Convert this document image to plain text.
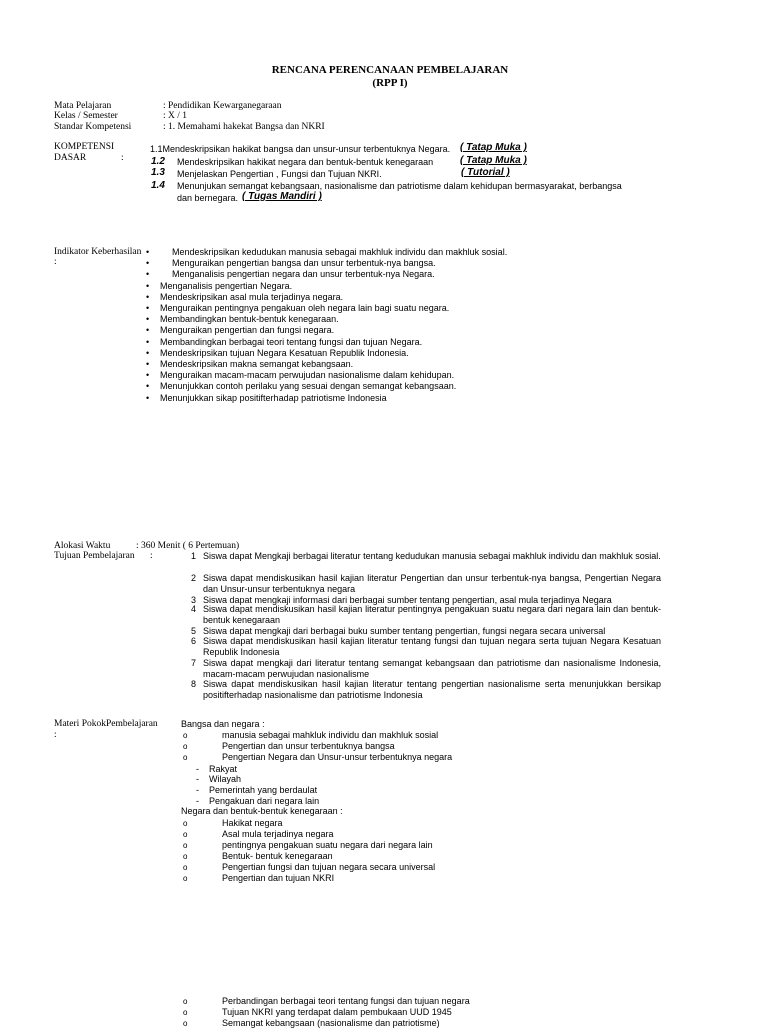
RENCANA PERENCANAAN PEMBELAJARAN
(RPP I)
Mata Pelajaran	: Pendidikan Kewarganegaraan
Kelas / Semester	: X / 1
Standar Kompetensi	: 1. Memahami hakekat Bangsa dan NKRI
KOMPETENSI
DASAR	:
1.1Mendeskripsikan hakikat bangsa dan unsur-unsur terbentuknya Negara. ( Tatap Muka )
1.2 Mendeskripsikan hakikat negara dan bentuk-bentuk kenegaraan	( Tatap Muka )
1.3 Menjelaskan Pengertian , Fungsi dan Tujuan NKRI.	( Tutorial )
1.4 Menunjukan semangat kebangsaan, nasionalisme dan patriotisme dalam kehidupan bermasyarakat, berbangsa
dan bernegara. ( Tugas Mandiri )
Indikator Keberhasilan
:
• Mendeskripsikan kedudukan manusia sebagai makhluk individu dan makhluk sosial.
• Menguraikan pengertian bangsa dan unsur terbentuk-nya bangsa.
• Menganalisis pengertian negara dan unsur terbentuk-nya Negara.
• Menganalisis pengertian Negara.
• Mendeskripsikan asal mula terjadinya negara.
• Menguraikan pentingnya pengakuan oleh negara lain bagi suatu negara.
• Membandingkan bentuk-bentuk kenegaraan.
• Menguraikan pengertian dan fungsi negara.
• Membandingkan berbagai teori tentang fungsi dan tujuan Negara.
• Mendeskripsikan tujuan Negara Kesatuan Republik Indonesia.
• Mendeskripsikan makna semangat kebangsaan.
• Menguraikan macam-macam perwujudan nasionalisme dalam kehidupan.
• Menunjukkan contoh perilaku yang sesuai dengan semangat kebangsaan.
• Menunjukkan sikap positifterhadap patriotisme Indonesia
Alokasi Waktu	: 360 Menit ( 6 Pertemuan)
Tujuan Pembelajaran :	1 Siswa dapat Mengkaji berbagai literatur tentang kedudukan manusia sebagai makhluk individu dan makhluk sosial.
2 Siswa dapat mendiskusikan hasil kajian literatur Pengertian dan unsur terbentuk-nya bangsa, Pengertian Negara dan Unsur-unsur terbentuknya negara
3 Siswa dapat mengkaji informasi dari berbagai sumber tentang pengertian, asal mula terjadinya Negara
4 Siswa dapat mendiskusikan hasil kajian literatur pentingnya pengakuan suatu negara dari negara lain dan bentuk-bentuk kenegaraan
5 Siswa dapat mengkaji dari berbagai buku sumber tentang pengertian, fungsi negara secara universal
6 Siswa dapat mendiskusikan hasil kajian literatur tentang fungsi dan tujuan negara serta tujuan Negara Kesatuan Republik Indonesia
7 Siswa dapat mengkaji dari literatur tentang semangat kebangsaan dan patriotisme dan nasionalisme Indonesia, macam-macam perwujudan nasionalisme
8 Siswa dapat mendiskusikan hasil kajian literatur tentang pengertian nasionalisme serta menunjukkan bersikap positifterhadap nasionalisme dan patriotisme Indonesia
Materi PokokPembelajaran
:
Bangsa dan negara :
o	manusia sebagai mahkluk individu dan makhluk sosial
o	Pengertian dan unsur terbentuknya bangsa
o	Pengertian Negara dan Unsur-unsur terbentuknya negara
- Rakyat
- Wilayah
- Pemerintah yang berdaulat
- Pengakuan dari negara lain
Negara dan bentuk-bentuk kenegaraan :
o	Hakikat negara
o	Asal mula terjadinya negara
o	pentingnya pengakuan suatu negara dari negara lain
o	Bentuk- bentuk kenegaraan
o	Pengertian fungsi dan tujuan negara secara universal
o	Pengertian dan tujuan NKRI
o	Perbandingan berbagai teori tentang fungsi dan tujuan negara
o	Tujuan NKRI yang terdapat dalam pembukaan UUD 1945
o	Semangat kebangsaan (nasionalisme dan patriotisme)
